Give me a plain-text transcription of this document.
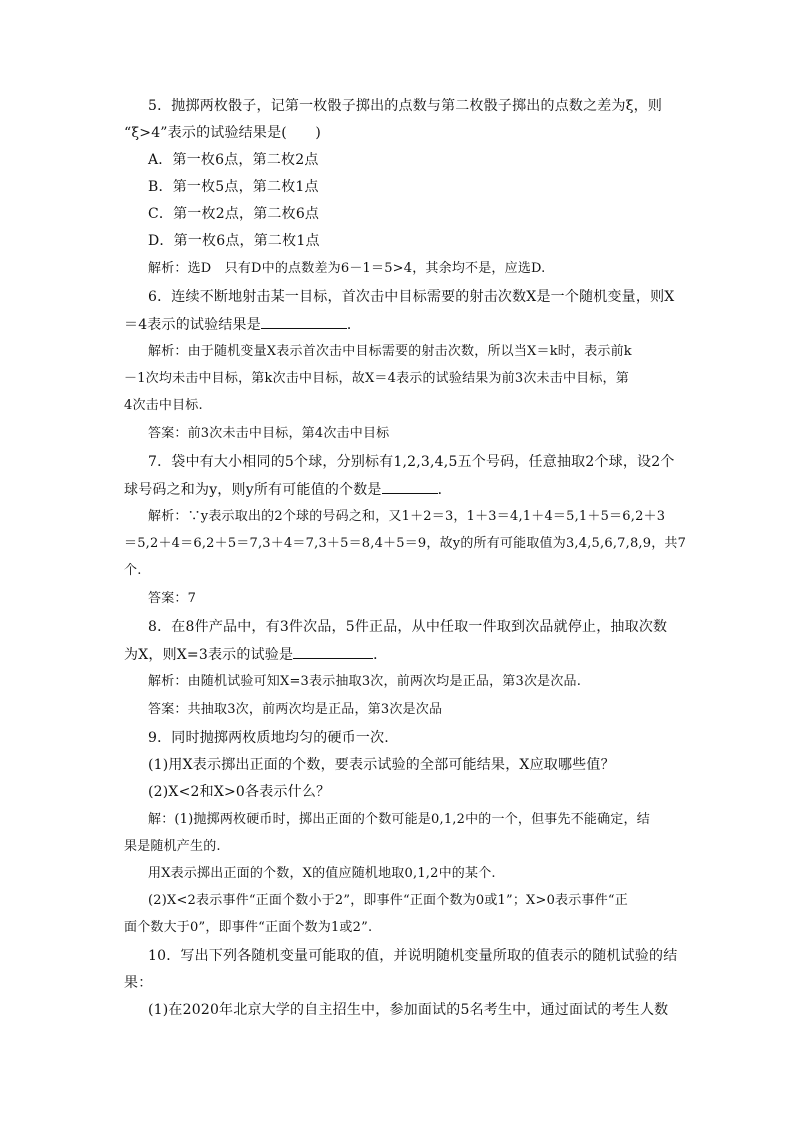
5．抛掷两枚骰子，记第一枚骰子掷出的点数与第二枚骰子掷出的点数之差为ξ，则
“ξ>4”表示的试验结果是(　　)
A．第一枚6点，第二枚2点
B．第一枚5点，第二枚1点
C．第一枚2点，第二枚6点
D．第一枚6点，第二枚1点
解析：选D　只有D中的点数差为6－1＝5>4，其余均不是，应选D.
6．连续不断地射击某一目标，首次击中目标需要的射击次数X是一个随机变量，则X
＝4表示的试验结果是	．
解析：由于随机变量X表示首次击中目标需要的射击次数，所以当X＝k时，表示前k
－1次均未击中目标，第k次击中目标，故X＝4表示的试验结果为前3次未击中目标，第
4次击中目标.
答案：前3次未击中目标，第4次击中目标
7．袋中有大小相同的5个球，分别标有1,2,3,4,5五个号码，任意抽取2个球，设2个
球号码之和为y，则y所有可能值的个数是	．
解析：∵y表示取出的2个球的号码之和，又1＋2＝3，1＋3＝4,1＋4＝5,1＋5＝6,2＋3
＝5,2＋4＝6,2＋5＝7,3＋4＝7,3＋5＝8,4＋5＝9，故y的所有可能取值为3,4,5,6,7,8,9，共7
个.
答案：7
8．在8件产品中，有3件次品，5件正品，从中任取一件取到次品就停止，抽取次数
为X，则X=3表示的试验是	．
解析：由随机试验可知X=3表示抽取3次，前两次均是正品，第3次是次品.
答案：共抽取3次，前两次均是正品，第3次是次品
9．同时抛掷两枚质地均匀的硬币一次.
(1)用X表示掷出正面的个数，要表示试验的全部可能结果，X应取哪些值？
(2)X<2和X>0各表示什么？
解：(1)抛掷两枚硬币时，掷出正面的个数可能是0,1,2中的一个，但事先不能确定，结
果是随机产生的.
用X表示掷出正面的个数，X的值应随机地取0,1,2中的某个.
(2)X<2表示事件“正面个数小于2”，即事件“正面个数为0或1”；X>0表示事件“正
面个数大于0”，即事件“正面个数为1或2”.
10．写出下列各随机变量可能取的值，并说明随机变量所取的值表示的随机试验的结
果：
(1)在2020年北京大学的自主招生中，参加面试的5名考生中，通过面试的考生人数
